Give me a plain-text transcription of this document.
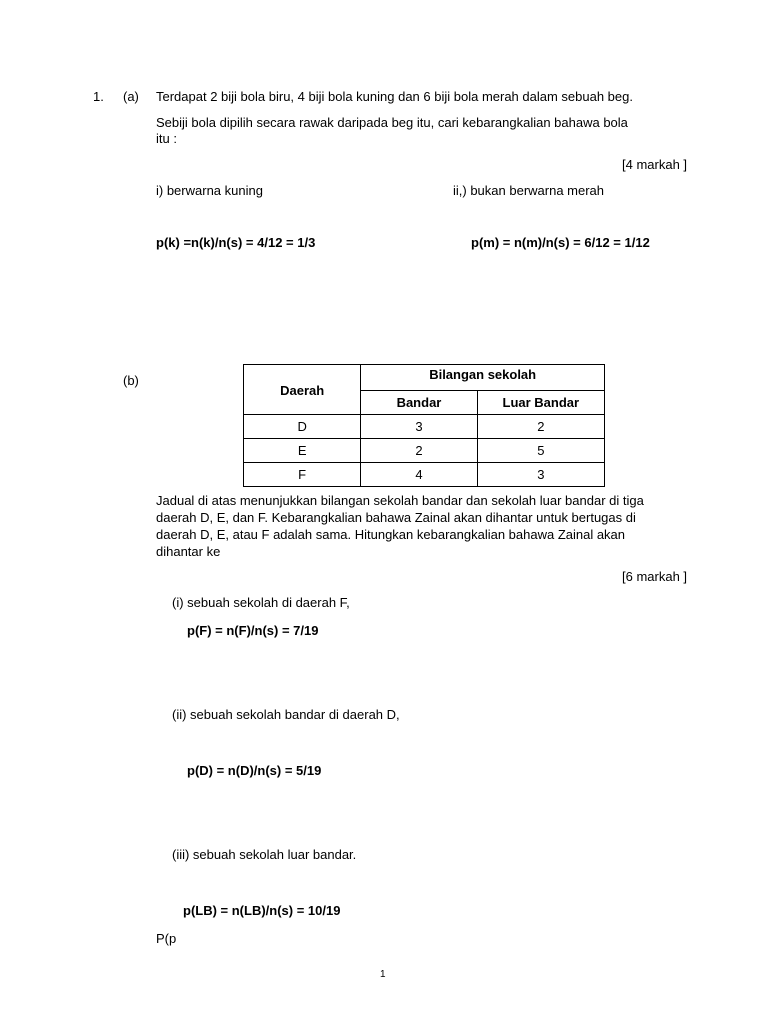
1. (a) Terdapat 2 biji bola biru, 4 biji bola kuning dan 6 biji bola merah dalam sebuah beg.
Sebiji bola dipilih secara rawak daripada beg itu, cari kebarangkalian bahawa bola
itu :
[4 markah ]
i) berwarna kuning	ii,) bukan berwarna merah
p(k) =n(k)/n(s) = 4/12 = 1/3	p(m) = n(m)/n(s) = 6/12 = 1/12
(b)
Daerah	Bilangan sekolah	
	Bandar	Luar Bandar
D	3	2
E	2	5
F	4	3
Jadual di atas menunjukkan bilangan sekolah bandar dan sekolah luar bandar di tiga
daerah D, E, dan F. Kebarangkalian bahawa Zainal akan dihantar untuk bertugas di
daerah D, E, atau F adalah sama. Hitungkan kebarangkalian bahawa Zainal akan
dihantar ke
[6 markah ]
(i) sebuah sekolah di daerah F,
p(F) = n(F)/n(s) = 7/19
(ii) sebuah sekolah bandar di daerah D,
p(D) = n(D)/n(s) = 5/19
(iii) sebuah sekolah luar bandar.
p(LB) = n(LB)/n(s) = 10/19
P(p
1
